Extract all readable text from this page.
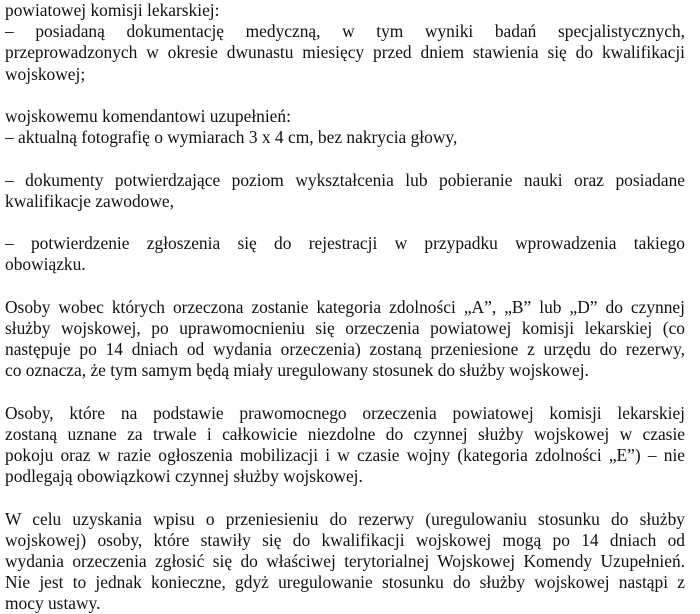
powiatowej komisji lekarskiej:
– posiadaną dokumentację medyczną, w tym wyniki badań specjalistycznych,
przeprowadzonych w okresie dwunastu miesięcy przed dniem stawienia się do kwalifikacji
wojskowej;
wojskowemu komendantowi uzupełnień:
– aktualną fotografię o wymiarach 3 x 4 cm, bez nakrycia głowy,
– dokumenty potwierdzające poziom wykształcenia lub pobieranie nauki oraz posiadane
kwalifikacje zawodowe,
– potwierdzenie zgłoszenia się do rejestracji w przypadku wprowadzenia takiego
obowiązku.
Osoby wobec których orzeczona zostanie kategoria zdolności „A”, „B” lub „D” do czynnej
służby wojskowej, po uprawomocnieniu się orzeczenia powiatowej komisji lekarskiej (co
następuje po 14 dniach od wydania orzeczenia) zostaną przeniesione z urzędu do rezerwy,
co oznacza, że tym samym będą miały uregulowany stosunek do służby wojskowej.
Osoby, które na podstawie prawomocnego orzeczenia powiatowej komisji lekarskiej
zostaną uznane za trwale i całkowicie niezdolne do czynnej służby wojskowej w czasie
pokoju oraz w razie ogłoszenia mobilizacji i w czasie wojny (kategoria zdolności „E”) – nie
podlegają obowiązkowi czynnej służby wojskowej.
W celu uzyskania wpisu o przeniesieniu do rezerwy (uregulowaniu stosunku do służby
wojskowej) osoby, które stawiły się do kwalifikacji wojskowej mogą po 14 dniach od
wydania orzeczenia zgłosić się do właściwej terytorialnej Wojskowej Komendy Uzupełnień.
Nie jest to jednak konieczne, gdyż uregulowanie stosunku do służby wojskowej nastąpi z
mocy ustawy.
